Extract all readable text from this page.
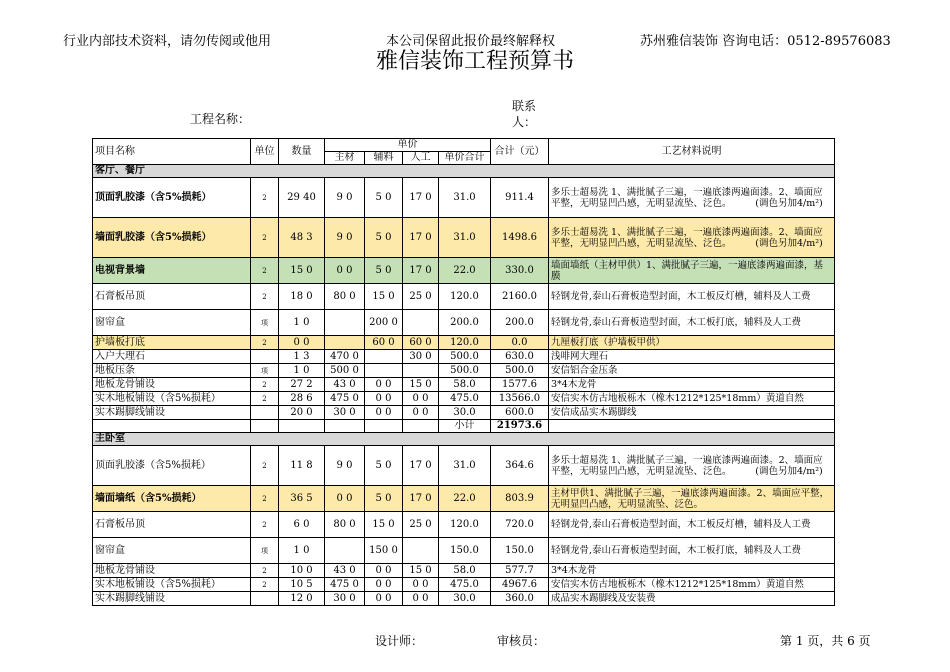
行业内部技术资料，请勿传阅或他用	本公司保留此报价最终解释权	苏州雅信装饰 咨询电话：0512-89576083
雅信装饰工程预算书
工程名称：
联系人：
项目名称	单位	数量	单价				合计（元）	工艺材料说明
			主材	辅料	人工	单价合计		
客厅、餐厅								
顶面乳胶漆（含5%损耗）	2	29 40	9 0	5 0	17 0	31.0	911.4	多乐士超易洗 1、满批腻子三遍，一遍底漆两遍面漆。2、墙面应平整，无明显凹凸感，无明显流坠、泛色。　　　(调色另加4/m²)
墙面乳胶漆（含5%损耗）	2	48 3	9 0	5 0	17 0	31.0	1498.6	多乐士超易洗 1、满批腻子三遍，一遍底漆两遍面漆。2、墙面应平整，无明显凹凸感，无明显流坠、泛色。　　　(调色另加4/m²)
电视背景墙	2	15 0	0 0	5 0	17 0	22.0	330.0	墙面墙纸（主材甲供）1、满批腻子三遍，一遍底漆两遍面漆，基膜
石膏板吊顶	2	18 0	80 0	15 0	25 0	120.0	2160.0	轻钢龙骨,泰山石膏板造型封面，木工板反灯槽，辅料及人工费
窗帘盒	项	1 0		200 0		200.0	200.0	轻钢龙骨,泰山石膏板造型封面，木工板打底，辅料及人工费
护墙板打底	2	0 0		60 0	60 0	120.0	0.0	九厘板打底（护墙板甲供）
入户大理石		1 3	470 0		30 0	500.0	630.0	浅啡网大理石
地板压条	项	1 0	500 0			500.0	500.0	安信铝合金压条
地板龙骨铺设	2	27 2	43 0	0 0	15 0	58.0	1577.6	3*4木龙骨
实木地板铺设（含5%损耗）	2	28 6	475 0	0 0	0 0	475.0	13566.0	安信实木仿古地板栎木（橡木1212*125*18mm）黄道自然
实木踢脚线铺设		20 0	30 0	0 0	0 0	30.0	600.0	安信成品实木踢脚线
						小计	21973.6	
主卧室								
顶面乳胶漆（含5%损耗）	2	11 8	9 0	5 0	17 0	31.0	364.6	多乐士超易洗 1、满批腻子三遍，一遍底漆两遍面漆。2、墙面应平整，无明显凹凸感，无明显流坠、泛色。　　　(调色另加4/m²)
墙面墙纸（含5%损耗）	2	36 5	0 0	5 0	17 0	22.0	803.9	主材甲供1、满批腻子三遍，一遍底漆两遍面漆。2、墙面应平整，无明显凹凸感，无明显流坠、泛色。
石膏板吊顶	2	6 0	80 0	15 0	25 0	120.0	720.0	轻钢龙骨,泰山石膏板造型封面，木工板反灯槽，辅料及人工费
窗帘盒	项	1 0		150 0		150.0	150.0	轻钢龙骨,泰山石膏板造型封面，木工板打底，辅料及人工费
地板龙骨铺设	2	10 0	43 0	0 0	15 0	58.0	577.7	3*4木龙骨
实木地板铺设（含5%损耗）	2	10 5	475 0	0 0	0 0	475.0	4967.6	安信实木仿古地板栎木（橡木1212*125*18mm）黄道自然
实木踢脚线铺设		12 0	30 0	0 0	0 0	30.0	360.0	成品实木踢脚线及安装费
设计师：	审核员：	第 1 页，共 6 页
